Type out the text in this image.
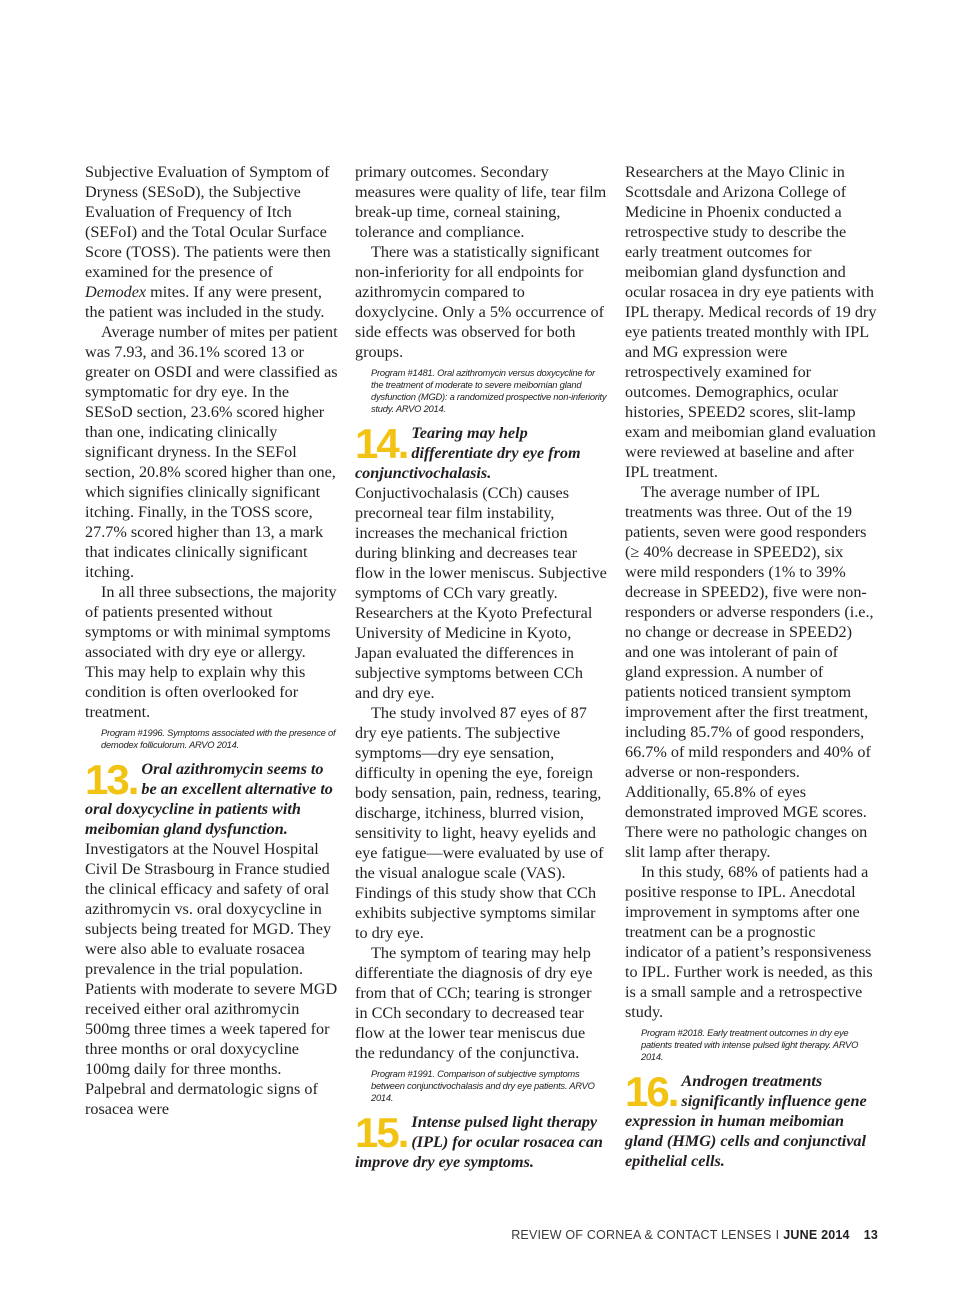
Subjective Evaluation of Symptom of Dryness (SESoD), the Subjective Evaluation of Frequency of Itch (SEFoI) and the Total Ocular Surface Score (TOSS). The patients were then examined for the presence of Demodex mites. If any were present, the patient was included in the study.

Average number of mites per patient was 7.93, and 36.1% scored 13 or greater on OSDI and were classified as symptomatic for dry eye. In the SESoD section, 23.6% scored higher than one, indicating clinically significant dryness. In the SEFol section, 20.8% scored higher than one, which signifies clinically significant itching. Finally, in the TOSS score, 27.7% scored higher than 13, a mark that indicates clinically significant itching.

In all three subsections, the majority of patients presented without symptoms or with minimal symptoms associated with dry eye or allergy. This may help to explain why this condition is often overlooked for treatment.

Program #1996. Symptoms associated with the presence of demodex folliculorum. ARVO 2014.
13. Oral azithromycin seems to be an excellent alternative to oral doxycycline in patients with meibomian gland dysfunction.

Investigators at the Nouvel Hospital Civil De Strasbourg in France studied the clinical efficacy and safety of oral azithromycin vs. oral doxycycline in subjects being treated for MGD. They were also able to evaluate rosacea prevalence in the trial population. Patients with moderate to severe MGD received either oral azithromycin 500mg three times a week tapered for three months or oral doxycycline 100mg daily for three months. Palpebral and dermatologic signs of rosacea were

primary outcomes. Secondary measures were quality of life, tear film break-up time, corneal staining, tolerance and compliance.

There was a statistically significant non-inferiority for all endpoints for azithromycin compared to doxyclycine. Only a 5% occurrence of side effects was observed for both groups.

Program #1481. Oral azithromycin versus doxycycline for the treatment of moderate to severe meibomian gland dysfunction (MGD): a randomized prospective non-inferiority study. ARVO 2014.
14. Tearing may help differentiate dry eye from conjunctivochalasis.

Conjuctivochalasis (CCh) causes precorneal tear film instability, increases the mechanical friction during blinking and decreases tear flow in the lower meniscus. Subjective symptoms of CCh vary greatly. Researchers at the Kyoto Prefectural University of Medicine in Kyoto, Japan evaluated the differences in subjective symptoms between CCh and dry eye.

The study involved 87 eyes of 87 dry eye patients. The subjective symptoms—dry eye sensation, difficulty in opening the eye, foreign body sensation, pain, redness, tearing, discharge, itchiness, blurred vision, sensitivity to light, heavy eyelids and eye fatigue—were evaluated by use of the visual analogue scale (VAS). Findings of this study show that CCh exhibits subjective symptoms similar to dry eye.

The symptom of tearing may help differentiate the diagnosis of dry eye from that of CCh; tearing is stronger in CCh secondary to decreased tear flow at the lower tear meniscus due the redundancy of the conjunctiva.

Program #1991. Comparison of subjective symptoms between conjunctivochalasis and dry eye patients. ARVO 2014.
15. Intense pulsed light therapy (IPL) for ocular rosacea can improve dry eye symptoms.

Researchers at the Mayo Clinic in Scottsdale and Arizona College of Medicine in Phoenix conducted a retrospective study to describe the early treatment outcomes for meibomian gland dysfunction and ocular rosacea in dry eye patients with IPL therapy. Medical records of 19 dry eye patients treated monthly with IPL and MG expression were retrospectively examined for outcomes. Demographics, ocular histories, SPEED2 scores, slit-lamp exam and meibomian gland evaluation were reviewed at baseline and after IPL treatment.

The average number of IPL treatments was three. Out of the 19 patients, seven were good responders (≥ 40% decrease in SPEED2), six were mild responders (1% to 39% decrease in SPEED2), five were non-responders or adverse responders (i.e., no change or decrease in SPEED2) and one was intolerant of pain of gland expression. A number of patients noticed transient symptom improvement after the first treatment, including 85.7% of good responders, 66.7% of mild responders and 40% of adverse or non-responders. Additionally, 65.8% of eyes demonstrated improved MGE scores. There were no pathologic changes on slit lamp after therapy.

In this study, 68% of patients had a positive response to IPL. Anecdotal improvement in symptoms after one treatment can be a prognostic indicator of a patient’s responsiveness to IPL. Further work is needed, as this is a small sample and a retrospective study.

Program #2018. Early treatment outcomes in dry eye patients treated with intense pulsed light therapy. ARVO 2014.
16. Androgen treatments significantly influence gene expression in human meibomian gland (HMG) cells and conjunctival epithelial cells.
REVIEW OF CORNEA & CONTACT LENSES I JUNE 2014 13
